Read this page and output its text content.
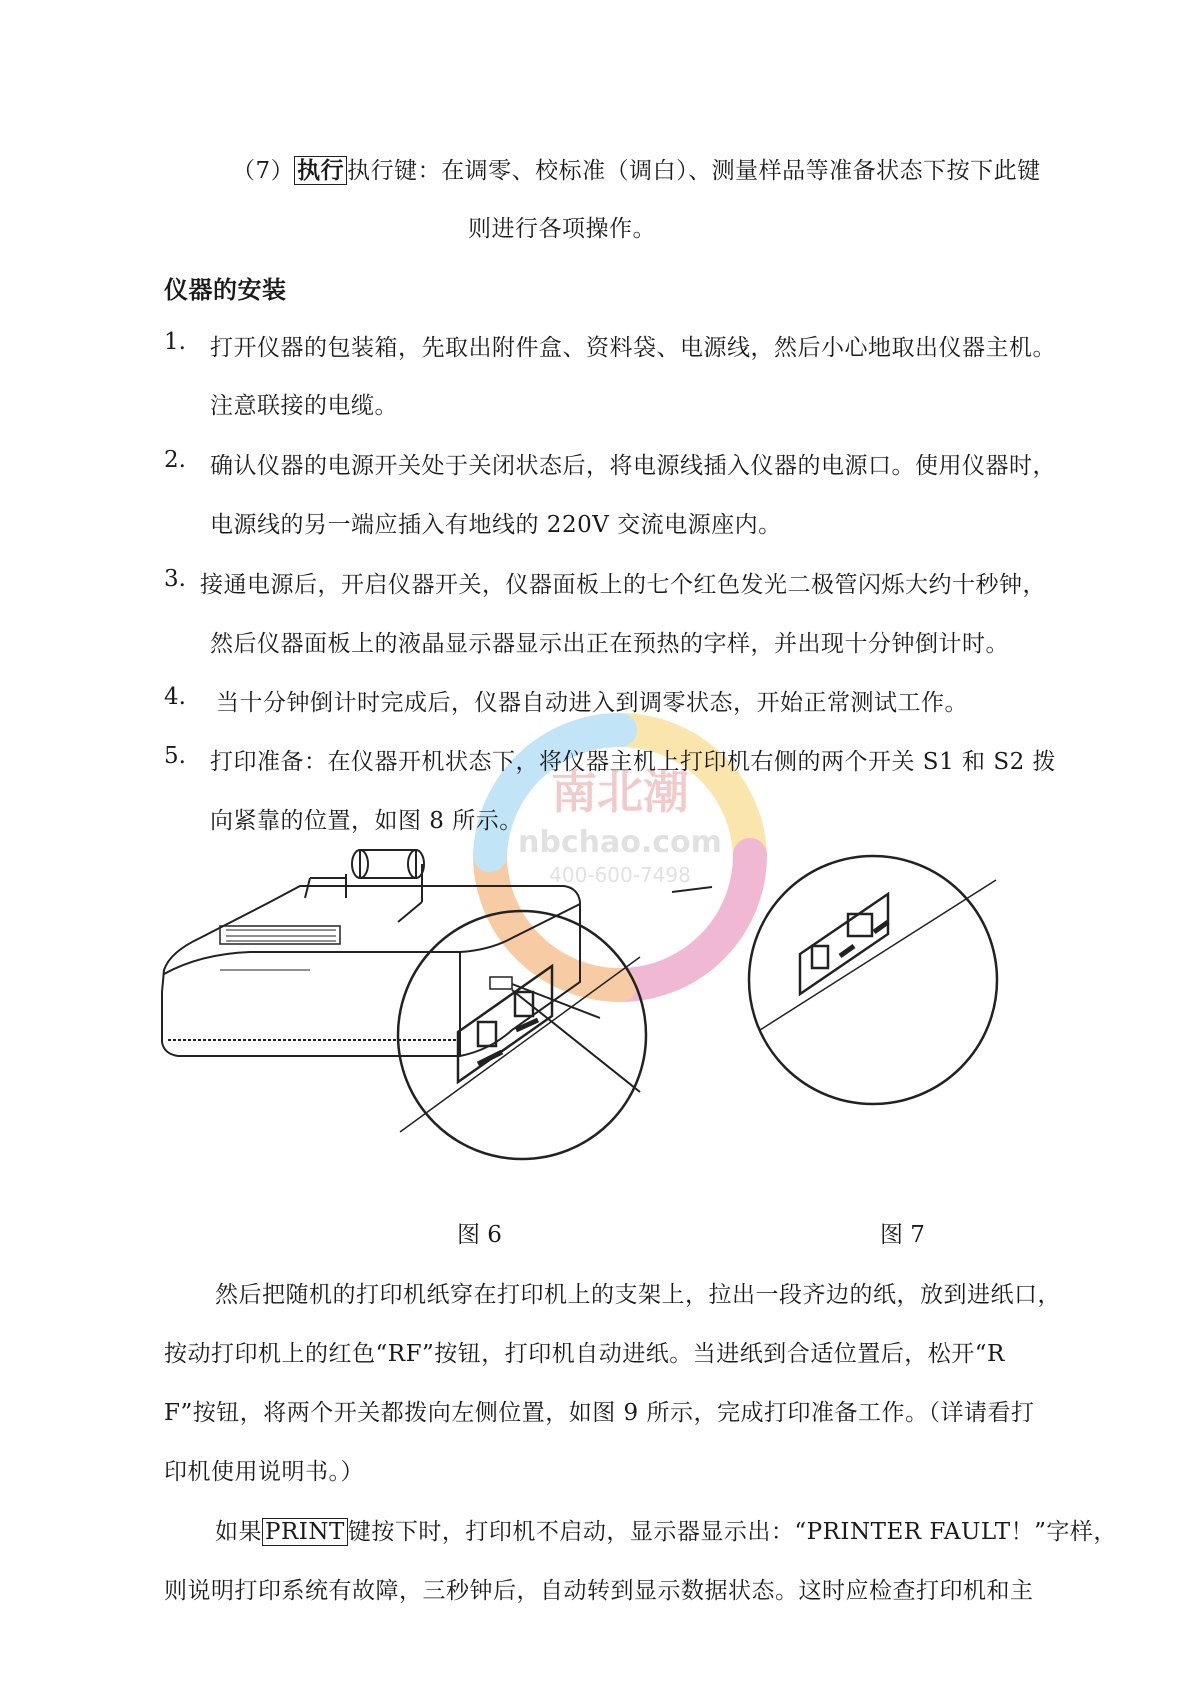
南北潮
nbchao.com
400-600-7498
（7） 执行 执行键：在调零、校标准（调白）、测量样品等准备状态下按下此键
则进行各项操作。
仪器的安装
1. 打开仪器的包装箱，先取出附件盒、资料袋、电源线，然后小心地取出仪器主机。
注意联接的电缆。
2. 确认仪器的电源开关处于关闭状态后，将电源线插入仪器的电源口。使用仪器时，
电源线的另一端应插入有地线的 220V 交流电源座内。
3. 接通电源后，开启仪器开关，仪器面板上的七个红色发光二极管闪烁大约十秒钟，
然后仪器面板上的液晶显示器显示出正在预热的字样，并出现十分钟倒计时。
4. 当十分钟倒计时完成后，仪器自动进入到调零状态，开始正常测试工作。
5. 打印准备：在仪器开机状态下，将仪器主机上打印机右侧的两个开关 S1 和 S2 拨
向紧靠的位置，如图 8 所示。
图 6	图 7
然后把随机的打印机纸穿在打印机上的支架上，拉出一段齐边的纸，放到进纸口，
按动打印机上的红色“RF”按钮，打印机自动进纸。当进纸到合适位置后，松开“R
F”按钮，将两个开关都拨向左侧位置，如图 9 所示，完成打印准备工作。（详请看打
印机使用说明书。）
如果 PRINT 键按下时，打印机不启动，显示器显示出：“PRINTER FAULT！”字样，
则说明打印系统有故障，三秒钟后，自动转到显示数据状态。这时应检查打印机和主
